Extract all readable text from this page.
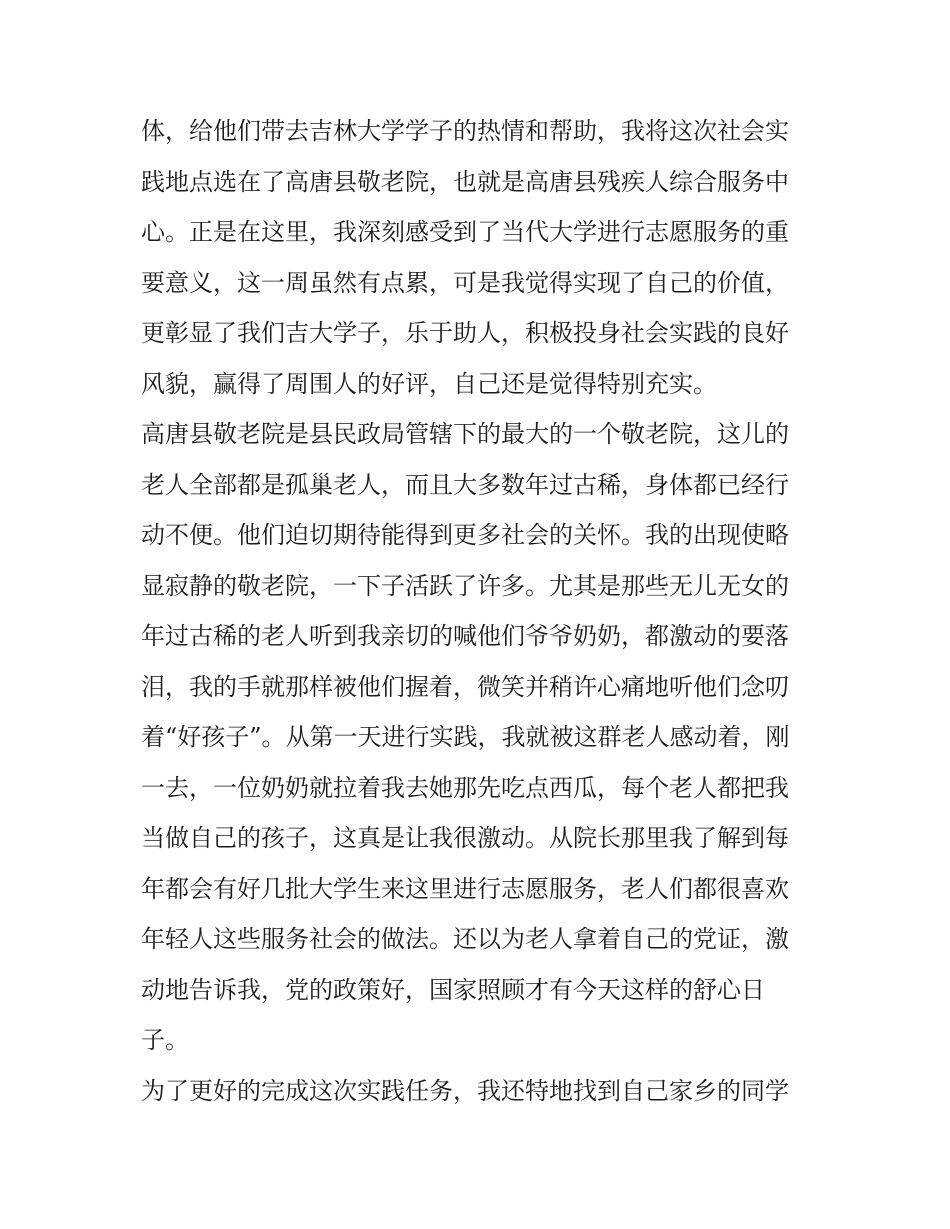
体，给他们带去吉林大学学子的热情和帮助，我将这次社会实
践地点选在了高唐县敬老院，也就是高唐县残疾人综合服务中
心。正是在这里，我深刻感受到了当代大学进行志愿服务的重
要意义，这一周虽然有点累，可是我觉得实现了自己的价值，
更彰显了我们吉大学子，乐于助人，积极投身社会实践的良好
风貌，赢得了周围人的好评，自己还是觉得特别充实。
高唐县敬老院是县民政局管辖下的最大的一个敬老院，这儿的
老人全部都是孤巢老人，而且大多数年过古稀，身体都已经行
动不便。他们迫切期待能得到更多社会的关怀。我的出现使略
显寂静的敬老院，一下子活跃了许多。尤其是那些无儿无女的
年过古稀的老人听到我亲切的喊他们爷爷奶奶，都激动的要落
泪，我的手就那样被他们握着，微笑并稍许心痛地听他们念叨
着“好孩子”。从第一天进行实践，我就被这群老人感动着，刚
一去，一位奶奶就拉着我去她那先吃点西瓜，每个老人都把我
当做自己的孩子，这真是让我很激动。从院长那里我了解到每
年都会有好几批大学生来这里进行志愿服务，老人们都很喜欢
年轻人这些服务社会的做法。还以为老人拿着自己的党证，激
动地告诉我，党的政策好，国家照顾才有今天这样的舒心日
子。
为了更好的完成这次实践任务，我还特地找到自己家乡的同学
